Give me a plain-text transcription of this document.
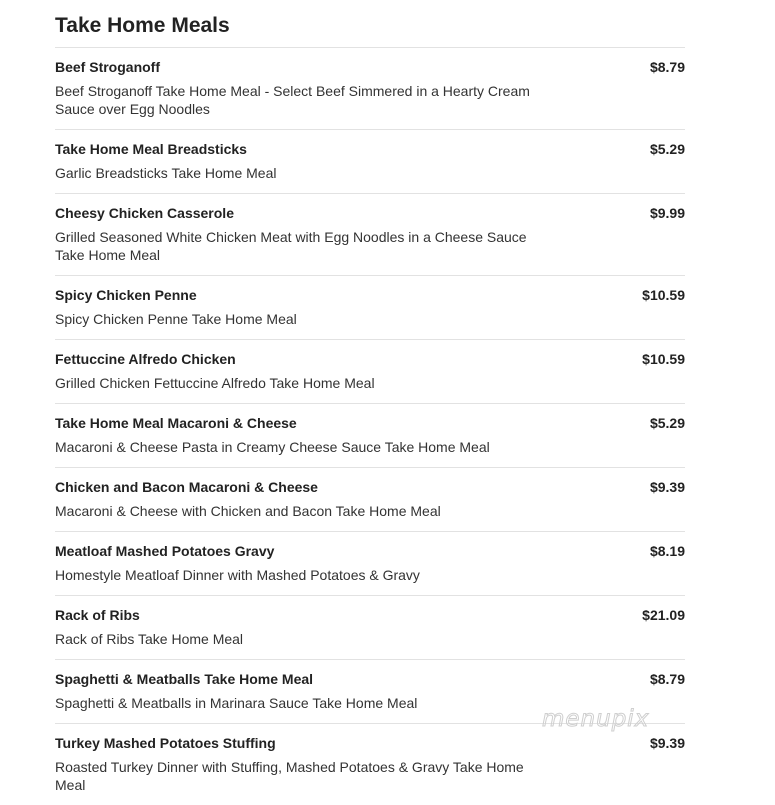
Take Home Meals
Beef Stroganoff	$8.79
Beef Stroganoff Take Home Meal - Select Beef Simmered in a Hearty Cream Sauce over Egg Noodles
Take Home Meal Breadsticks	$5.29
Garlic Breadsticks Take Home Meal
Cheesy Chicken Casserole	$9.99
Grilled Seasoned White Chicken Meat with Egg Noodles in a Cheese Sauce Take Home Meal
Spicy Chicken Penne	$10.59
Spicy Chicken Penne Take Home Meal
Fettuccine Alfredo Chicken	$10.59
Grilled Chicken Fettuccine Alfredo Take Home Meal
Take Home Meal Macaroni & Cheese	$5.29
Macaroni & Cheese Pasta in Creamy Cheese Sauce Take Home Meal
Chicken and Bacon Macaroni & Cheese	$9.39
Macaroni & Cheese with Chicken and Bacon Take Home Meal
Meatloaf Mashed Potatoes Gravy	$8.19
Homestyle Meatloaf Dinner with Mashed Potatoes & Gravy
Rack of Ribs	$21.09
Rack of Ribs Take Home Meal
Spaghetti & Meatballs Take Home Meal	$8.79
Spaghetti & Meatballs in Marinara Sauce Take Home Meal
Turkey Mashed Potatoes Stuffing	$9.39
Roasted Turkey Dinner with Stuffing, Mashed Potatoes & Gravy Take Home Meal
menupix
